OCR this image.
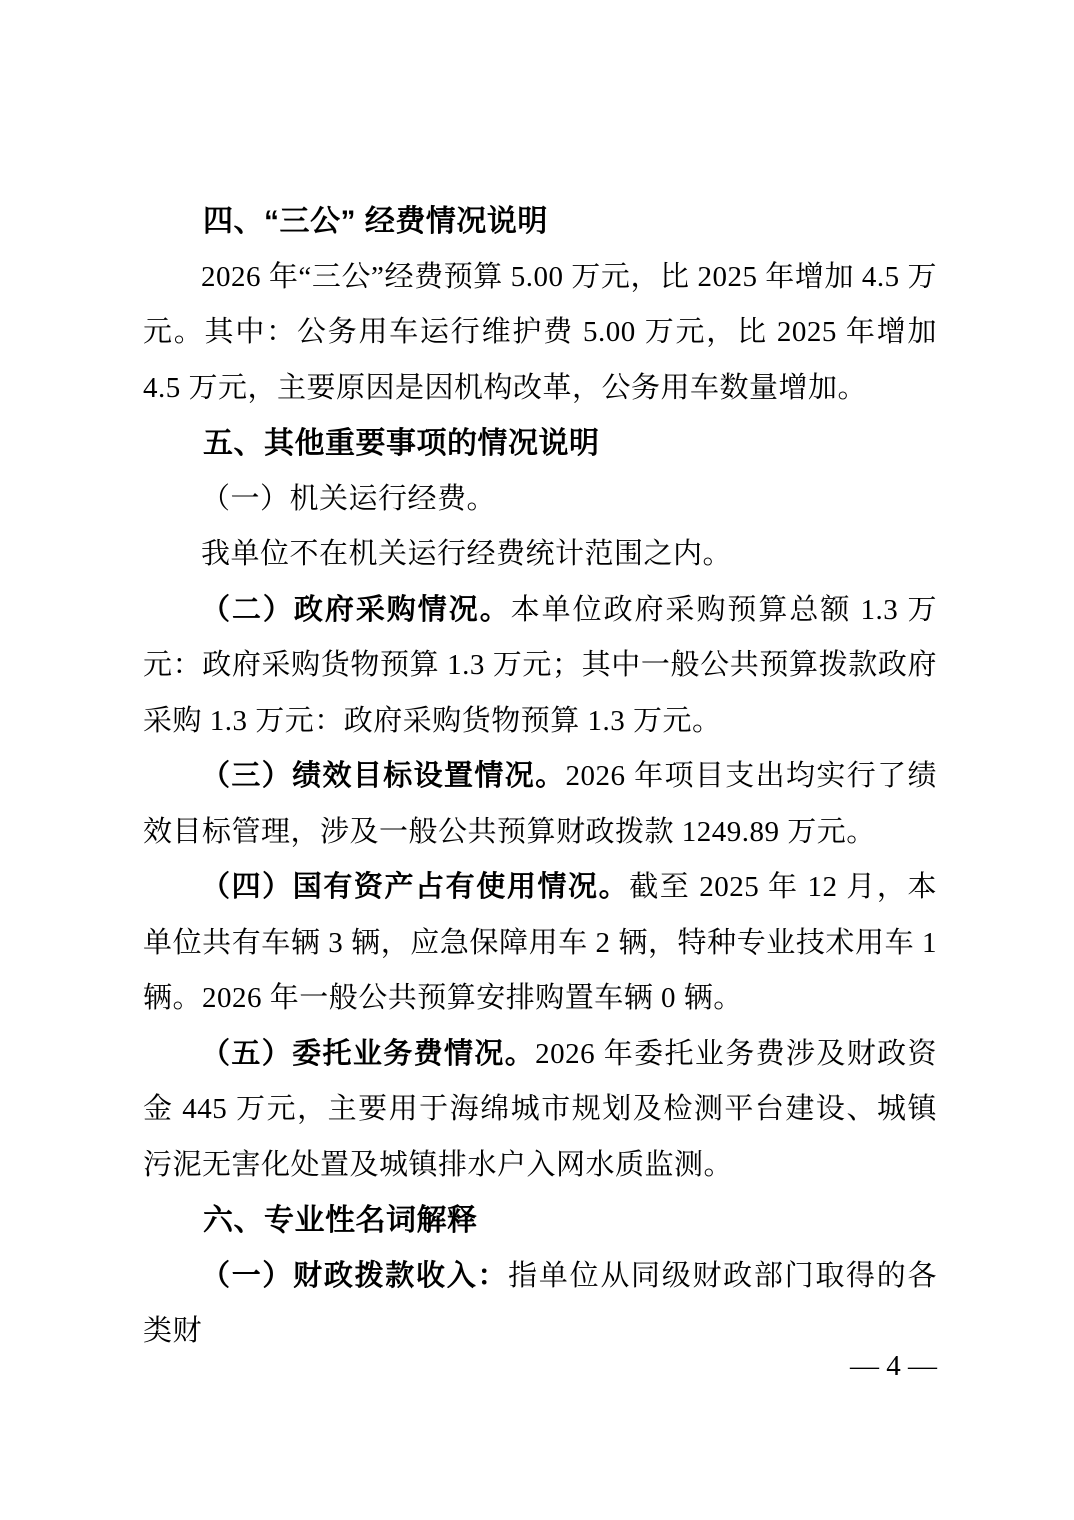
四、“三公” 经费情况说明

2026 年“三公”经费预算 5.00 万元，比 2025 年增加 4.5 万元。其中：公务用车运行维护费 5.00 万元，比 2025 年增加 4.5 万元，主要原因是因机构改革，公务用车数量增加。

五、其他重要事项的情况说明

（一）机关运行经费。

我单位不在机关运行经费统计范围之内。

（二）政府采购情况。本单位政府采购预算总额 1.3 万元：政府采购货物预算 1.3 万元；其中一般公共预算拨款政府采购 1.3 万元：政府采购货物预算 1.3 万元。

（三）绩效目标设置情况。2026 年项目支出均实行了绩效目标管理，涉及一般公共预算财政拨款 1249.89 万元。

（四）国有资产占有使用情况。截至 2025 年 12 月，本单位共有车辆 3 辆，应急保障用车 2 辆，特种专业技术用车 1 辆。2026 年一般公共预算安排购置车辆 0 辆。

（五）委托业务费情况。2026 年委托业务费涉及财政资金 445 万元，主要用于海绵城市规划及检测平台建设、城镇污泥无害化处置及城镇排水户入网水质监测。

六、专业性名词解释

（一）财政拨款收入：指单位从同级财政部门取得的各类财

— 4 —
